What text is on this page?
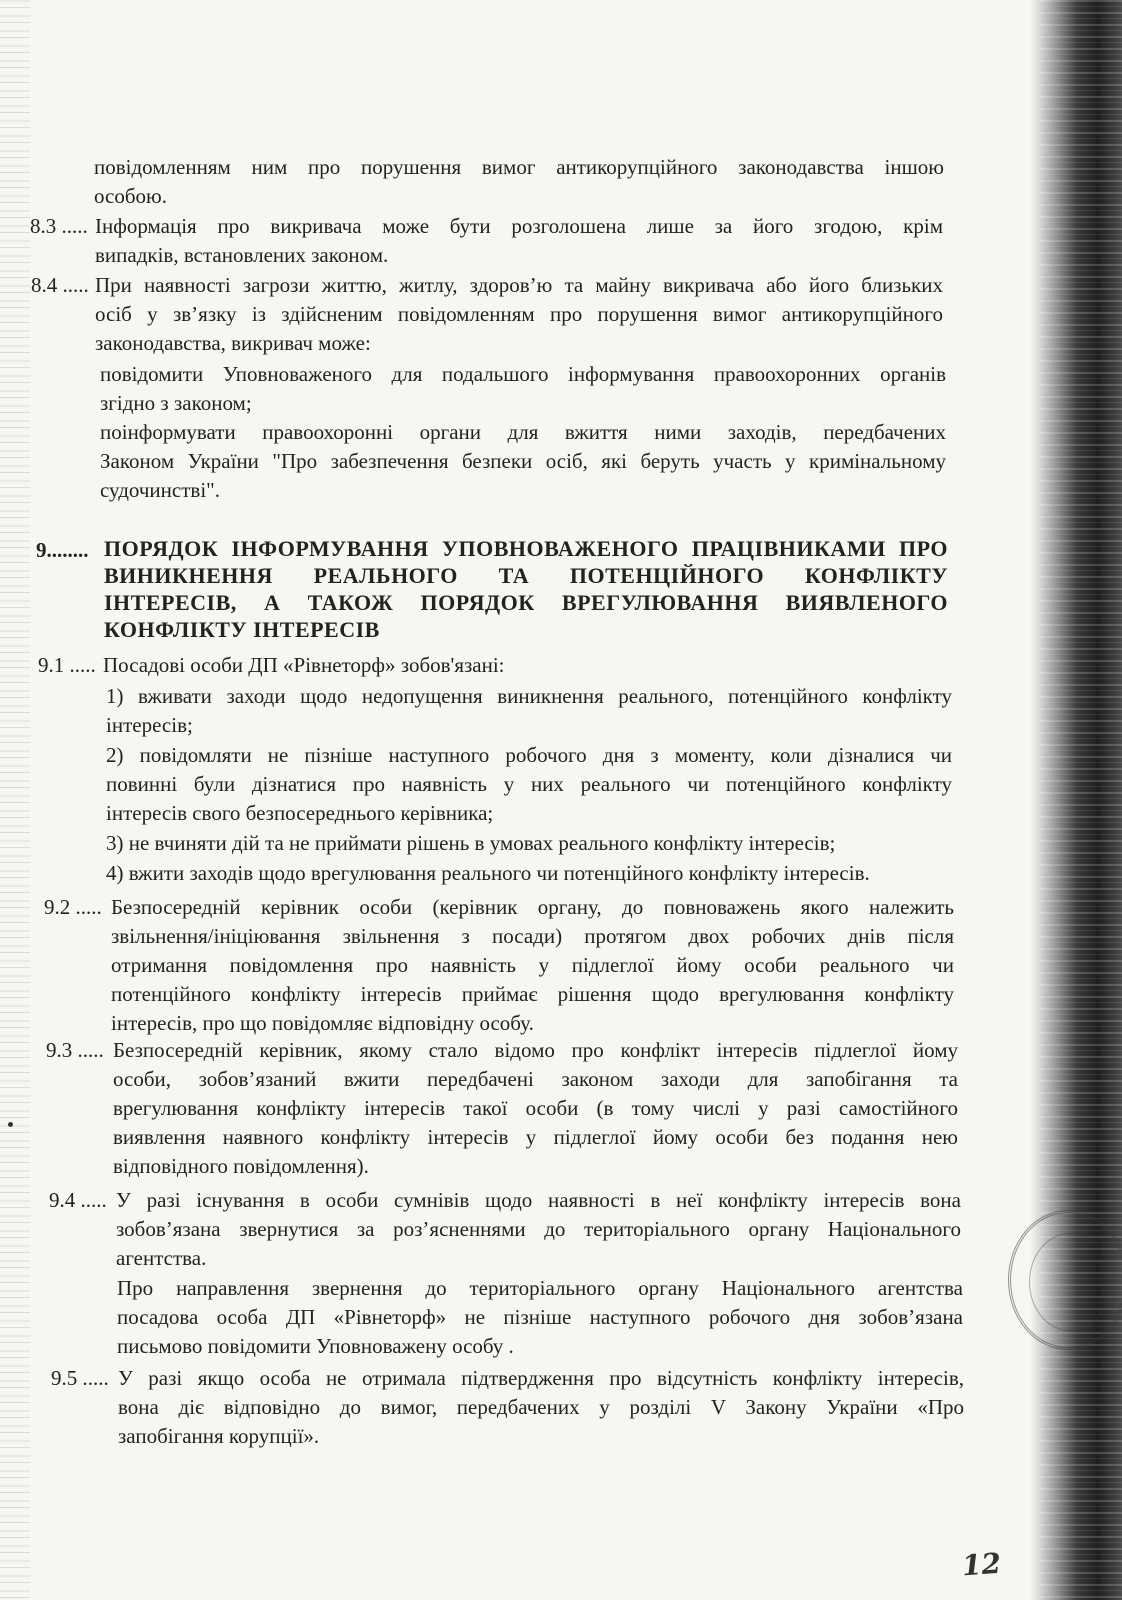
повідомленням ним про порушення вимог антикорупційного законодавства іншою
особою.
8.3 ..... Інформація про викривача може бути розголошена лише за його згодою, крім
випадків, встановлених законом.
8.4 ..... При наявності загрози життю, житлу, здоров’ю та майну викривача або його близьких
осіб у зв’язку із здійсненим повідомленням про порушення вимог антикорупційного
законодавства, викривач може:
повідомити Уповноваженого для подальшого інформування правоохоронних органів
згідно з законом;
поінформувати правоохоронні органи для вжиття ними заходів, передбачених
Законом України "Про забезпечення безпеки осіб, які беруть участь у кримінальному
судочинстві".
9........ ПОРЯДОК ІНФОРМУВАННЯ УПОВНОВАЖЕНОГО ПРАЦІВНИКАМИ ПРО
ВИНИКНЕННЯ РЕАЛЬНОГО ТА ПОТЕНЦІЙНОГО КОНФЛІКТУ
ІНТЕРЕСІВ, А ТАКОЖ ПОРЯДОК ВРЕГУЛЮВАННЯ ВИЯВЛЕНОГО
КОНФЛІКТУ ІНТЕРЕСІВ
9.1 ..... Посадові особи ДП «Рівнеторф» зобов'язані:
1) вживати заходи щодо недопущення виникнення реального, потенційного конфлікту
інтересів;
2) повідомляти не пізніше наступного робочого дня з моменту, коли дізналися чи
повинні були дізнатися про наявність у них реального чи потенційного конфлікту
інтересів свого безпосереднього керівника;
3) не вчиняти дій та не приймати рішень в умовах реального конфлікту інтересів;
4) вжити заходів щодо врегулювання реального чи потенційного конфлікту інтересів.
9.2 ..... Безпосередній керівник особи (керівник органу, до повноважень якого належить
звільнення/ініціювання звільнення з посади) протягом двох робочих днів після
отримання повідомлення про наявність у підлеглої йому особи реального чи
потенційного конфлікту інтересів приймає рішення щодо врегулювання конфлікту
інтересів, про що повідомляє відповідну особу.
9.3 ..... Безпосередній керівник, якому стало відомо про конфлікт інтересів підлеглої йому
особи, зобов’язаний вжити передбачені законом заходи для запобігання та
врегулювання конфлікту інтересів такої особи (в тому числі у разі самостійного
виявлення наявного конфлікту інтересів у підлеглої йому особи без подання нею
відповідного повідомлення).
9.4 ..... У разі існування в особи сумнівів щодо наявності в неї конфлікту інтересів вона
зобов’язана звернутися за роз’ясненнями до територіального органу Національного
агентства.
Про направлення звернення до територіального органу Національного агентства
посадова особа ДП «Рівнеторф» не пізніше наступного робочого дня зобов’язана
письмово повідомити Уповноважену особу .
9.5 ..... У разі якщо особа не отримала підтвердження про відсутність конфлікту інтересів,
вона діє відповідно до вимог, передбачених у розділі V Закону України «Про
запобігання корупції».
12
